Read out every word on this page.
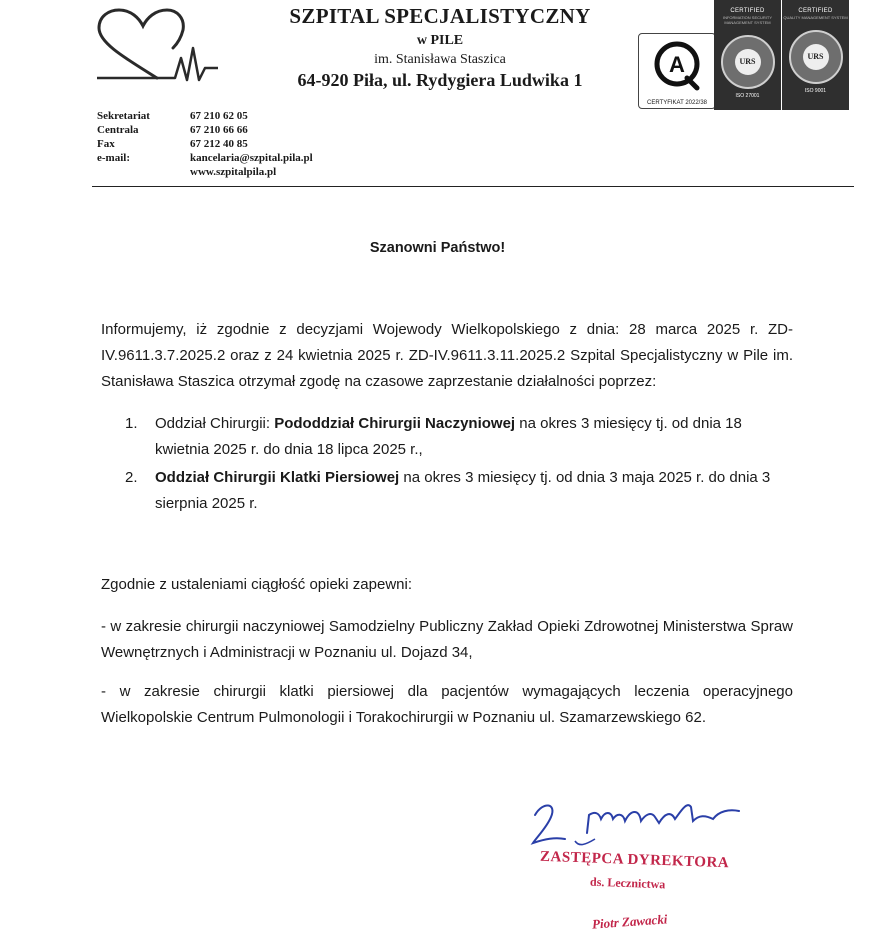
SZPITAL SPECJALISTYCZNY
w PILE
im. Stanisława Staszica
64-920 Piła, ul. Rydygiera Ludwika 1
A
CERTYFIKAT 2022/38
CERTIFIED
INFORMATION SECURITY MANAGEMENT SYSTEM
URS
ISO 27001
CERTIFIED
QUALITY MANAGEMENT SYSTEM
URS
ISO 9001
Sekretariat	67 210 62 05
Centrala	67 210 66 66
Fax	67 212 40 85
e-mail:	kancelaria@szpital.pila.pl
www.szpitalpila.pl
Szanowni Państwo!
Informujemy, iż zgodnie z decyzjami Wojewody Wielkopolskiego z dnia: 28 marca 2025 r. ZD-IV.9611.3.7.2025.2 oraz z 24 kwietnia 2025 r. ZD-IV.9611.3.11.2025.2 Szpital Specjalistyczny w Pile im. Stanisława Staszica otrzymał zgodę na czasowe zaprzestanie działalności poprzez:
1. Oddział Chirurgii: Pododdział Chirurgii Naczyniowej na okres 3 miesięcy tj. od dnia 18 kwietnia 2025 r. do dnia 18 lipca 2025 r.,
2. Oddział Chirurgii Klatki Piersiowej na okres 3 miesięcy tj. od dnia 3 maja 2025 r. do dnia 3 sierpnia 2025 r.
Zgodnie z ustaleniami ciągłość opieki zapewni:
- w zakresie chirurgii naczyniowej Samodzielny Publiczny Zakład Opieki Zdrowotnej Ministerstwa Spraw Wewnętrznych i Administracji w Poznaniu ul. Dojazd 34,
- w zakresie chirurgii klatki piersiowej dla pacjentów wymagających leczenia operacyjnego Wielkopolskie Centrum Pulmonologii i Torakochirurgii w Poznaniu ul. Szamarzewskiego 62.
ZASTĘPCA DYREKTORA
ds. Lecznictwa
Piotr Zawacki
